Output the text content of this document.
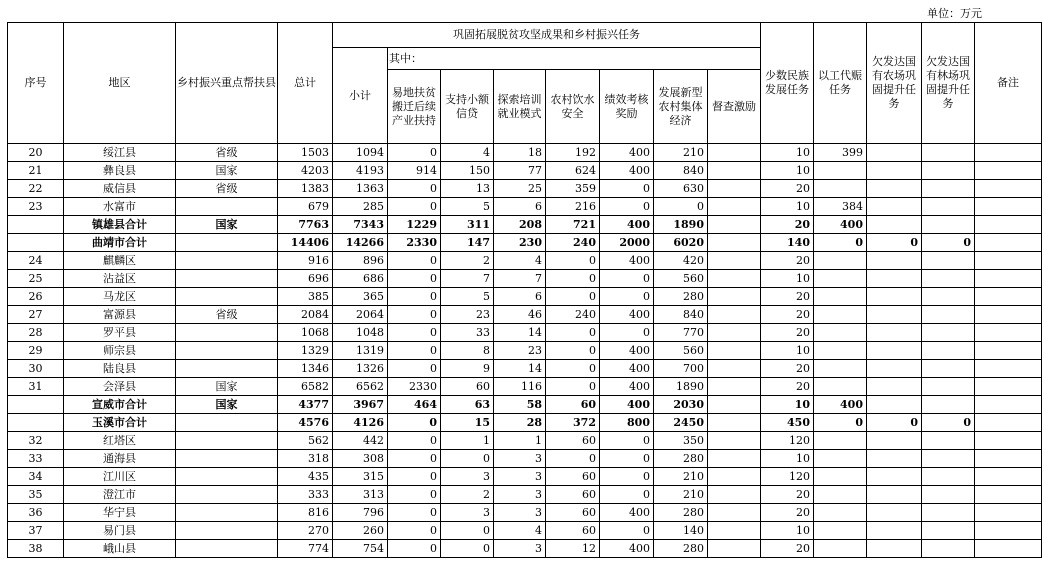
单位：万元
序号	地区	乡村振兴重点帮扶县	总计	巩固拓展脱贫攻坚成果和乡村振兴任务								少数民族发展任务	以工代赈任务	欠发达国有农场巩固提升任务	欠发达国有林场巩固提升任务	备注
				小计	其中：											
					易地扶贫搬迁后续产业扶持	支持小额信贷	探索培训就业模式	农村饮水安全	绩效考核奖励	发展新型农村集体经济	督查激励					
20	绥江县	省级	1503	1094	0	4	18	192	400	210		10	399			
21	彝良县	国家	4203	4193	914	150	77	624	400	840		10				
22	威信县	省级	1383	1363	0	13	25	359	0	630		20				
23	水富市		679	285	0	5	6	216	0	0		10	384			
	镇雄县合计	国家	7763	7343	1229	311	208	721	400	1890		20	400			
	曲靖市合计		14406	14266	2330	147	230	240	2000	6020		140	0	0	0	
24	麒麟区		916	896	0	2	4	0	400	420		20				
25	沾益区		696	686	0	7	7	0	0	560		10				
26	马龙区		385	365	0	5	6	0	0	280		20				
27	富源县	省级	2084	2064	0	23	46	240	400	840		20				
28	罗平县		1068	1048	0	33	14	0	0	770		20				
29	师宗县		1329	1319	0	8	23	0	400	560		10				
30	陆良县		1346	1326	0	9	14	0	400	700		20				
31	会泽县	国家	6582	6562	2330	60	116	0	400	1890		20				
	宣威市合计	国家	4377	3967	464	63	58	60	400	2030		10	400			
	玉溪市合计		4576	4126	0	15	28	372	800	2450		450	0	0	0	
32	红塔区		562	442	0	1	1	60	0	350		120				
33	通海县		318	308	0	0	3	0	0	280		10				
34	江川区		435	315	0	3	3	60	0	210		120				
35	澄江市		333	313	0	2	3	60	0	210		20				
36	华宁县		816	796	0	3	3	60	400	280		20				
37	易门县		270	260	0	0	4	60	0	140		10				
38	峨山县		774	754	0	0	3	12	400	280		20				
